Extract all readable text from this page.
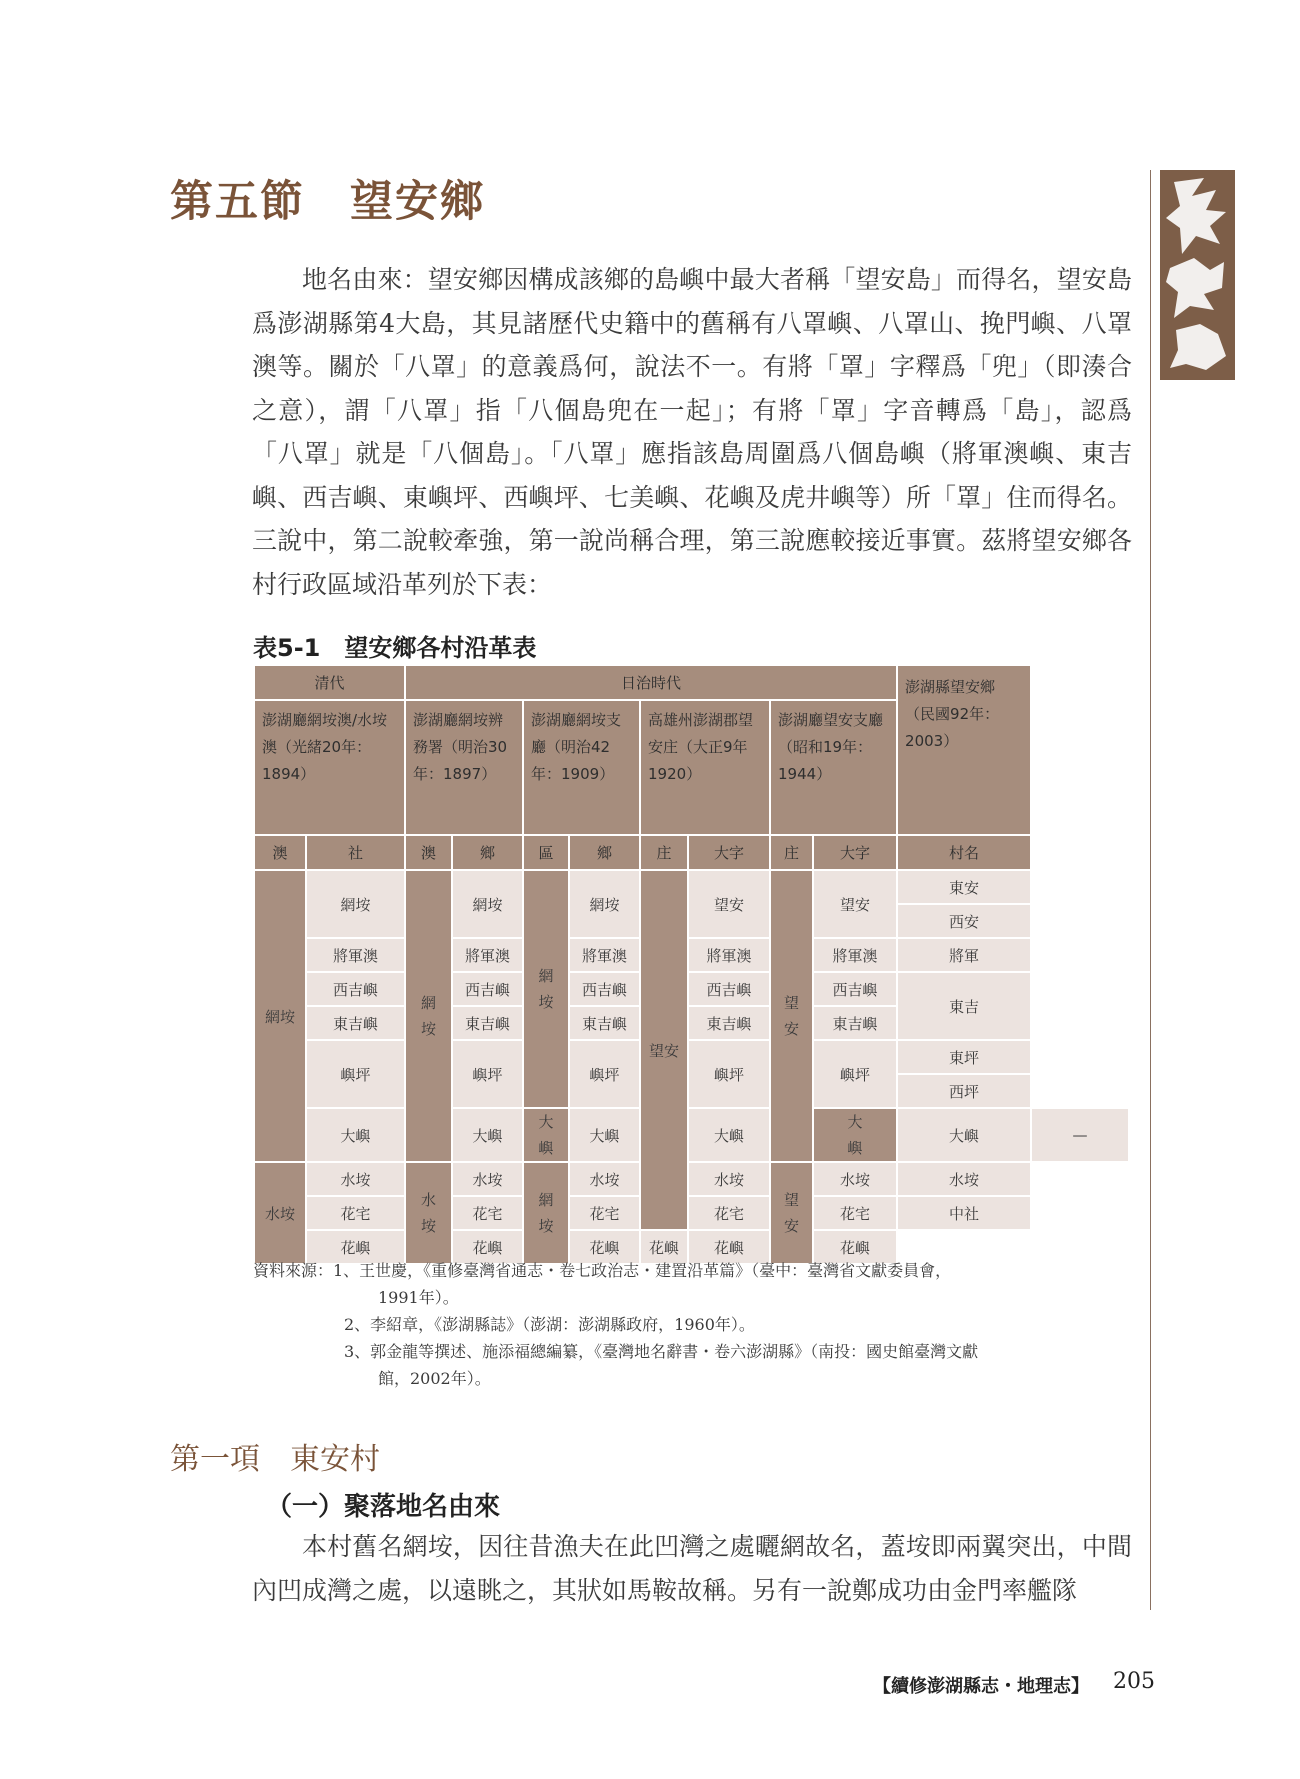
第五節　望安鄉
地名由來：望安鄉因構成該鄉的島嶼中最大者稱「望安島」而得名，望安島爲澎湖縣第4大島，其見諸歷代史籍中的舊稱有八罩嶼、八罩山、挽門嶼、八罩澳等。關於「八罩」的意義爲何，說法不一。有將「罩」字釋爲「兜」（即湊合之意），謂「八罩」指「八個島兜在一起」；有將「罩」字音轉爲「島」，認爲「八罩」就是「八個島」。「八罩」應指該島周圍爲八個島嶼（將軍澳嶼、東吉嶼、西吉嶼、東嶼坪、西嶼坪、七美嶼、花嶼及虎井嶼等）所「罩」住而得名。三說中，第二說較牽強，第一說尚稱合理，第三說應較接近事實。茲將望安鄉各村行政區域沿革列於下表：
表5-1　望安鄉各村沿革表
清代		日治時代								澎湖縣望安鄉（民國92年：2003）	
澎湖廳網垵澳/水垵澳（光緒20年：1894）		澎湖廳網垵辨務署（明治30年：1897）		澎湖廳網垵支廳（明治42年：1909）		高雄州澎湖郡望安庄（大正9年1920）		澎湖廳望安支廳（昭和19年：1944）			
澳	社	澳	鄉	區	鄉	庄	大字	庄	大字	村名	
網垵	網垵	網垵	網垵	網垵	網垵	望安	望安	望安	望安	東安	
										西安	
	將軍澳		將軍澳		將軍澳		將軍澳		將軍澳	將軍	
	西吉嶼		西吉嶼		西吉嶼		西吉嶼		西吉嶼	東吉	
	東吉嶼		東吉嶼		東吉嶼		東吉嶼		東吉嶼		
	嶼坪		嶼坪		嶼坪		嶼坪		嶼坪	東坪	
										西坪	
	大嶼		大嶼	大嶼	大嶼		大嶼		大嶼	大嶼	—

水垵	水垵	水垵	水垵	網垵	水垵		水垵	望安	水垵	水垵	
	花宅		花宅		花宅		花宅		花宅	中社	
	花嶼		花嶼		花嶼	花嶼	花嶼		花嶼		
資料來源：1、王世慶，《重修臺灣省通志・卷七政治志・建置沿革篇》（臺中：臺灣省文獻委員會，
1991年）。
2、李紹章，《澎湖縣誌》（澎湖：澎湖縣政府，1960年）。
3、郭金龍等撰述、施添福總編纂，《臺灣地名辭書・卷六澎湖縣》（南投：國史館臺灣文獻
館，2002年）。
第一項　東安村
（一）聚落地名由來
本村舊名網垵，因往昔漁夫在此凹灣之處曬網故名，蓋垵即兩翼突出，中間內凹成灣之處，以遠眺之，其狀如馬鞍故稱。另有一說鄭成功由金門率艦隊
【續修澎湖縣志・地理志】 205
